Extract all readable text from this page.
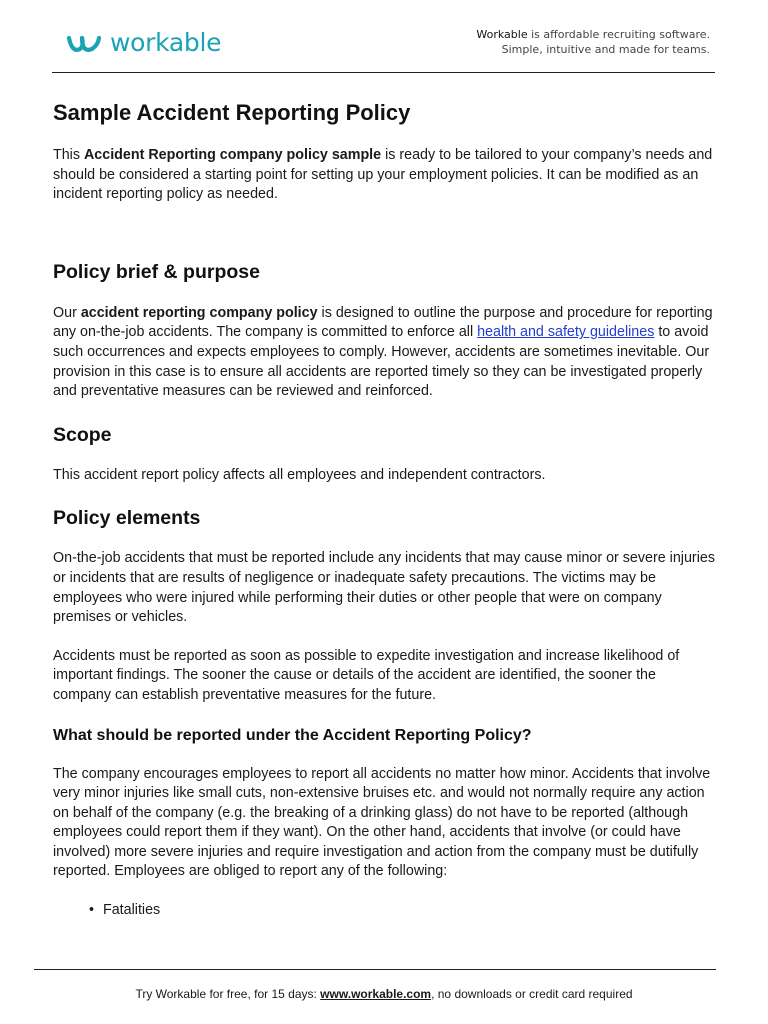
workable	Workable is affordable recruiting software.
Simple, intuitive and made for teams.
Sample Accident Reporting Policy

This Accident Reporting company policy sample is ready to be tailored to your company’s needs and should be considered a starting point for setting up your employment policies. It can be modified as an incident reporting policy as needed.

Policy brief & purpose

Our accident reporting company policy is designed to outline the purpose and procedure for reporting any on-the-job accidents. The company is committed to enforce all health and safety guidelines to avoid such occurrences and expects employees to comply. However, accidents are sometimes inevitable. Our provision in this case is to ensure all accidents are reported timely so they can be investigated properly and preventative measures can be reviewed and reinforced.

Scope

This accident report policy affects all employees and independent contractors.

Policy elements

On-the-job accidents that must be reported include any incidents that may cause minor or severe injuries or incidents that are results of negligence or inadequate safety precautions. The victims may be employees who were injured while performing their duties or other people that were on company premises or vehicles.

Accidents must be reported as soon as possible to expedite investigation and increase likelihood of important findings. The sooner the cause or details of the accident are identified, the sooner the company can establish preventative measures for the future.

What should be reported under the Accident Reporting Policy?

The company encourages employees to report all accidents no matter how minor. Accidents that involve very minor injuries like small cuts, non-extensive bruises etc. and would not normally require any action on behalf of the company (e.g. the breaking of a drinking glass) do not have to be reported (although employees could report them if they want). On the other hand, accidents that involve (or could have involved) more severe injuries and require investigation and action from the company must be dutifully reported. Employees are obliged to report any of the following:

• Fatalities
Try Workable for free, for 15 days: www.workable.com, no downloads or credit card required
